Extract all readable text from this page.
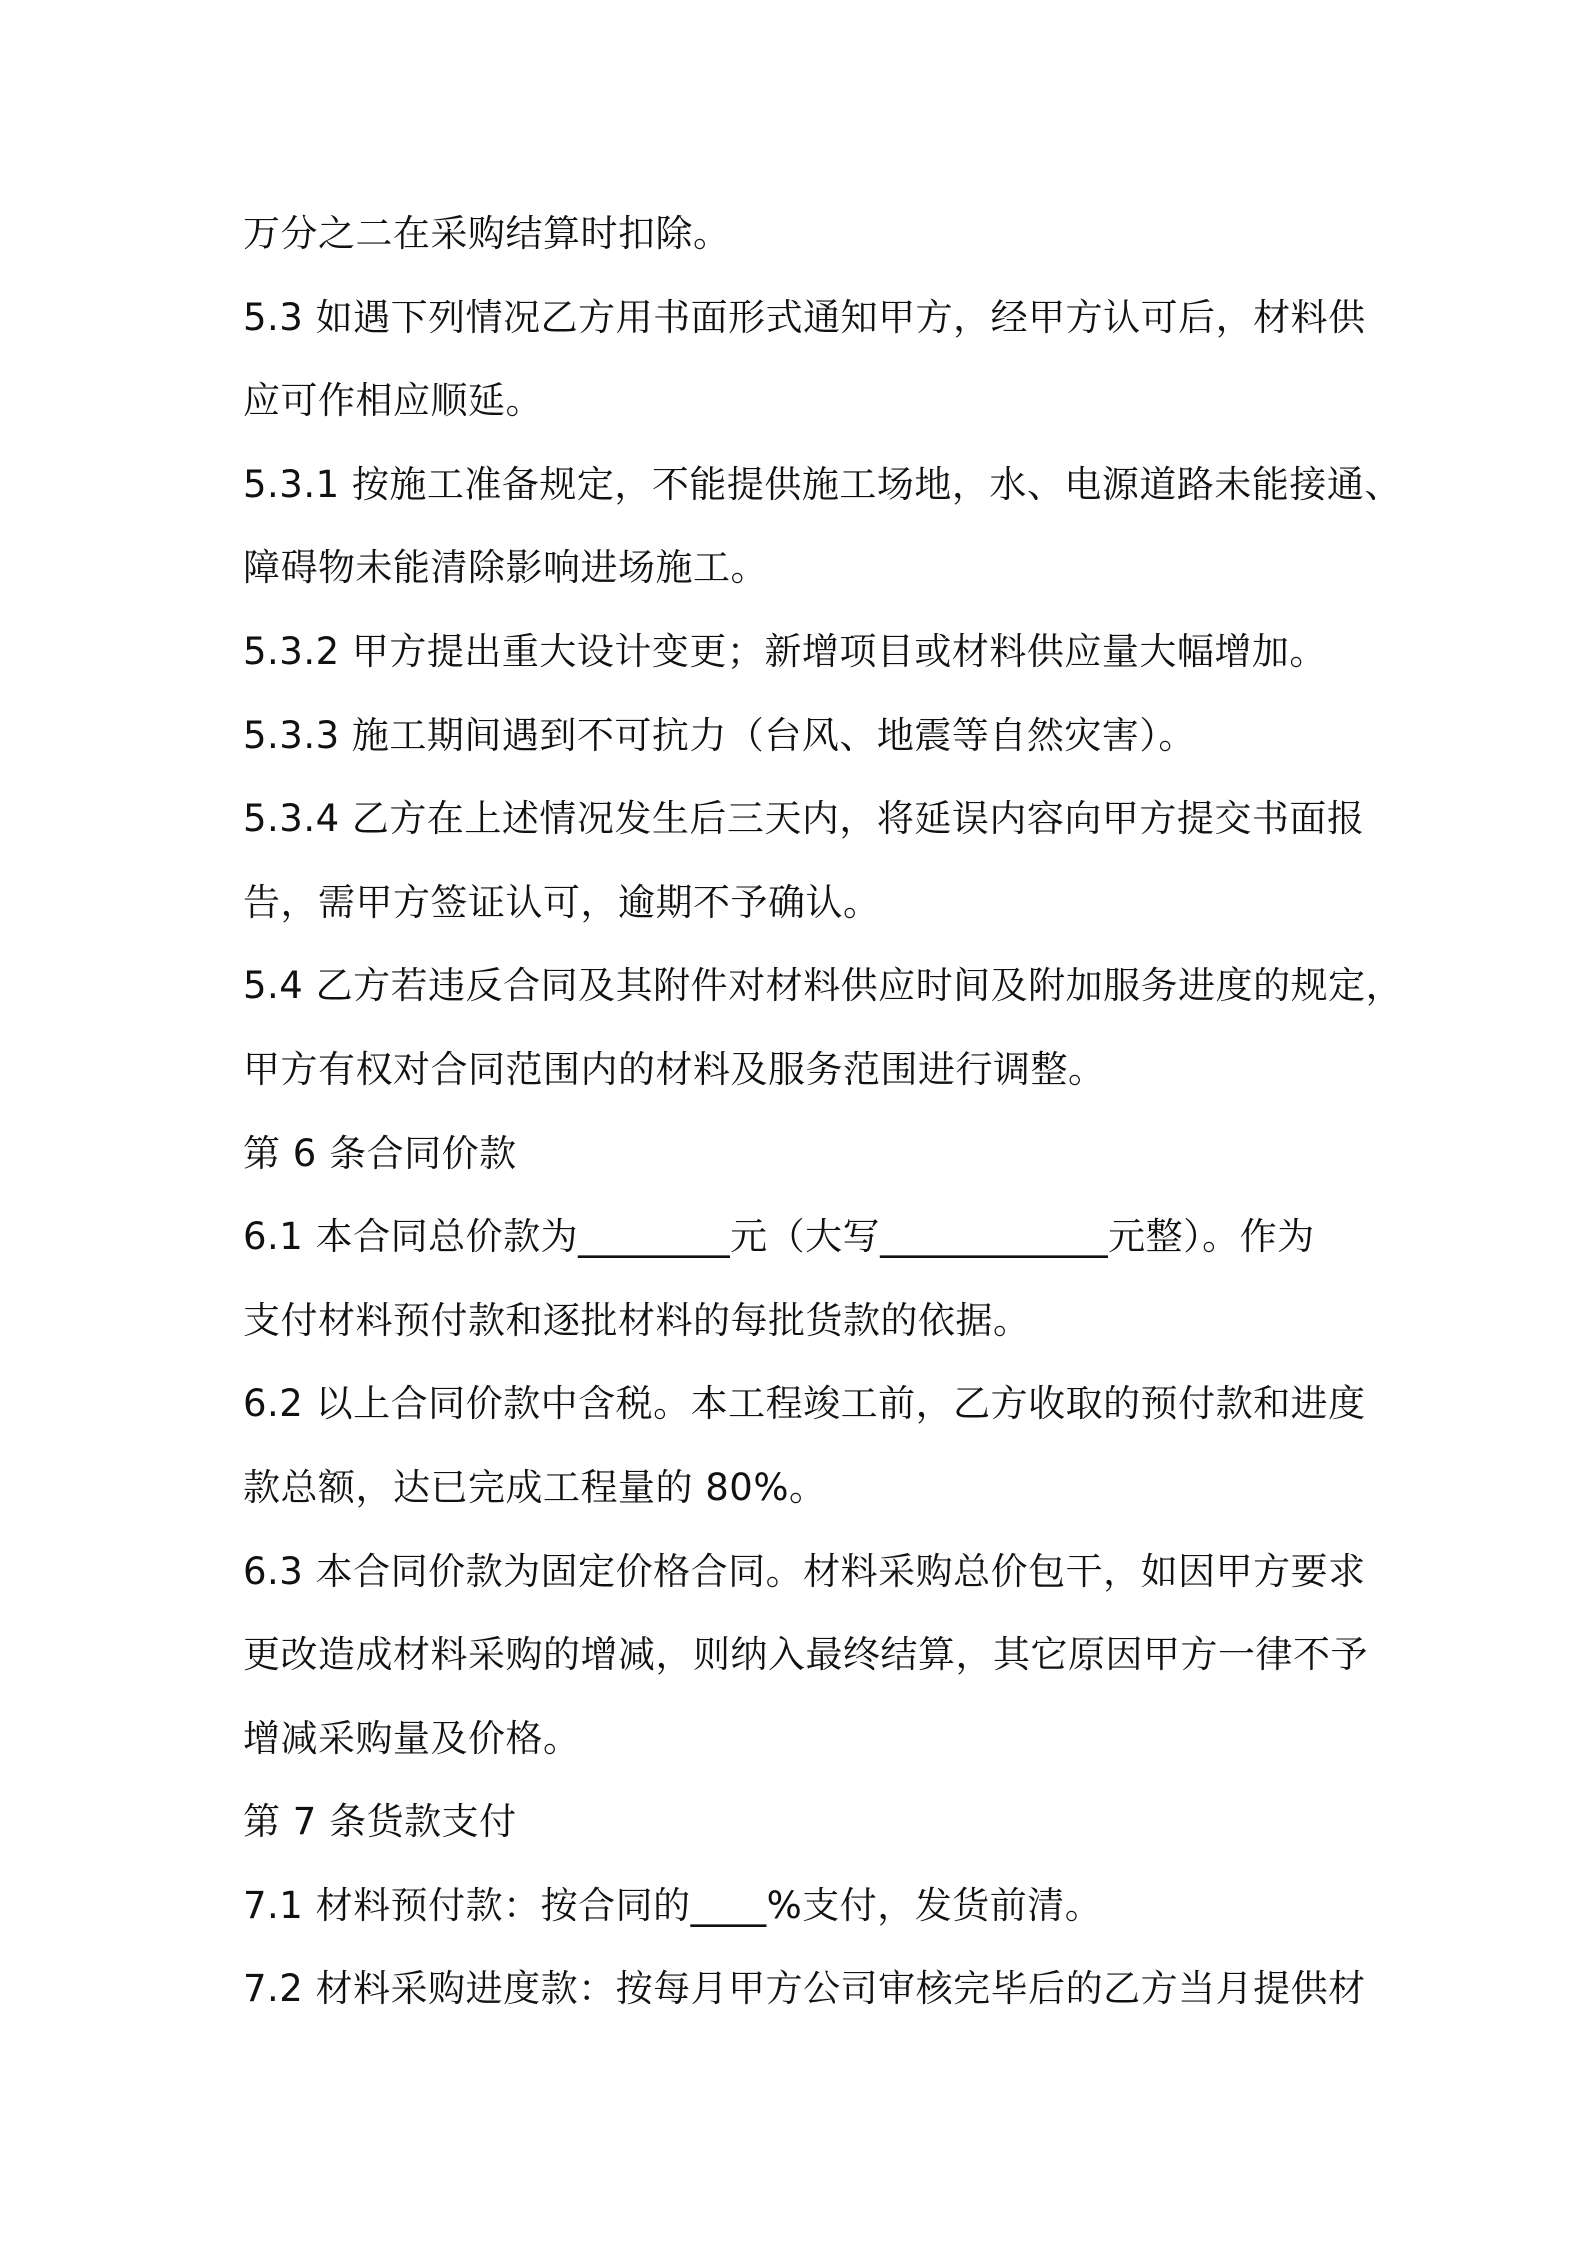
万分之二在采购结算时扣除。
5.3 如遇下列情况乙方用书面形式通知甲方，经甲方认可后，材料供
应可作相应顺延。
5.3.1 按施工准备规定，不能提供施工场地，水、电源道路未能接通、
障碍物未能清除影响进场施工。
5.3.2 甲方提出重大设计变更；新增项目或材料供应量大幅增加。
5.3.3 施工期间遇到不可抗力（台风、地震等自然灾害）。
5.3.4 乙方在上述情况发生后三天内，将延误内容向甲方提交书面报
告，需甲方签证认可，逾期不予确认。
5.4 乙方若违反合同及其附件对材料供应时间及附加服务进度的规定，
甲方有权对合同范围内的材料及服务范围进行调整。
第 6 条合同价款
6.1 本合同总价款为________元（大写____________元整）。作为
支付材料预付款和逐批材料的每批货款的依据。
6.2 以上合同价款中含税。本工程竣工前，乙方收取的预付款和进度
款总额，达已完成工程量的 80%。
6.3 本合同价款为固定价格合同。材料采购总价包干，如因甲方要求
更改造成材料采购的增减，则纳入最终结算，其它原因甲方一律不予
增减采购量及价格。
第 7 条货款支付
7.1 材料预付款：按合同的____%支付，发货前清。
7.2 材料采购进度款：按每月甲方公司审核完毕后的乙方当月提供材
